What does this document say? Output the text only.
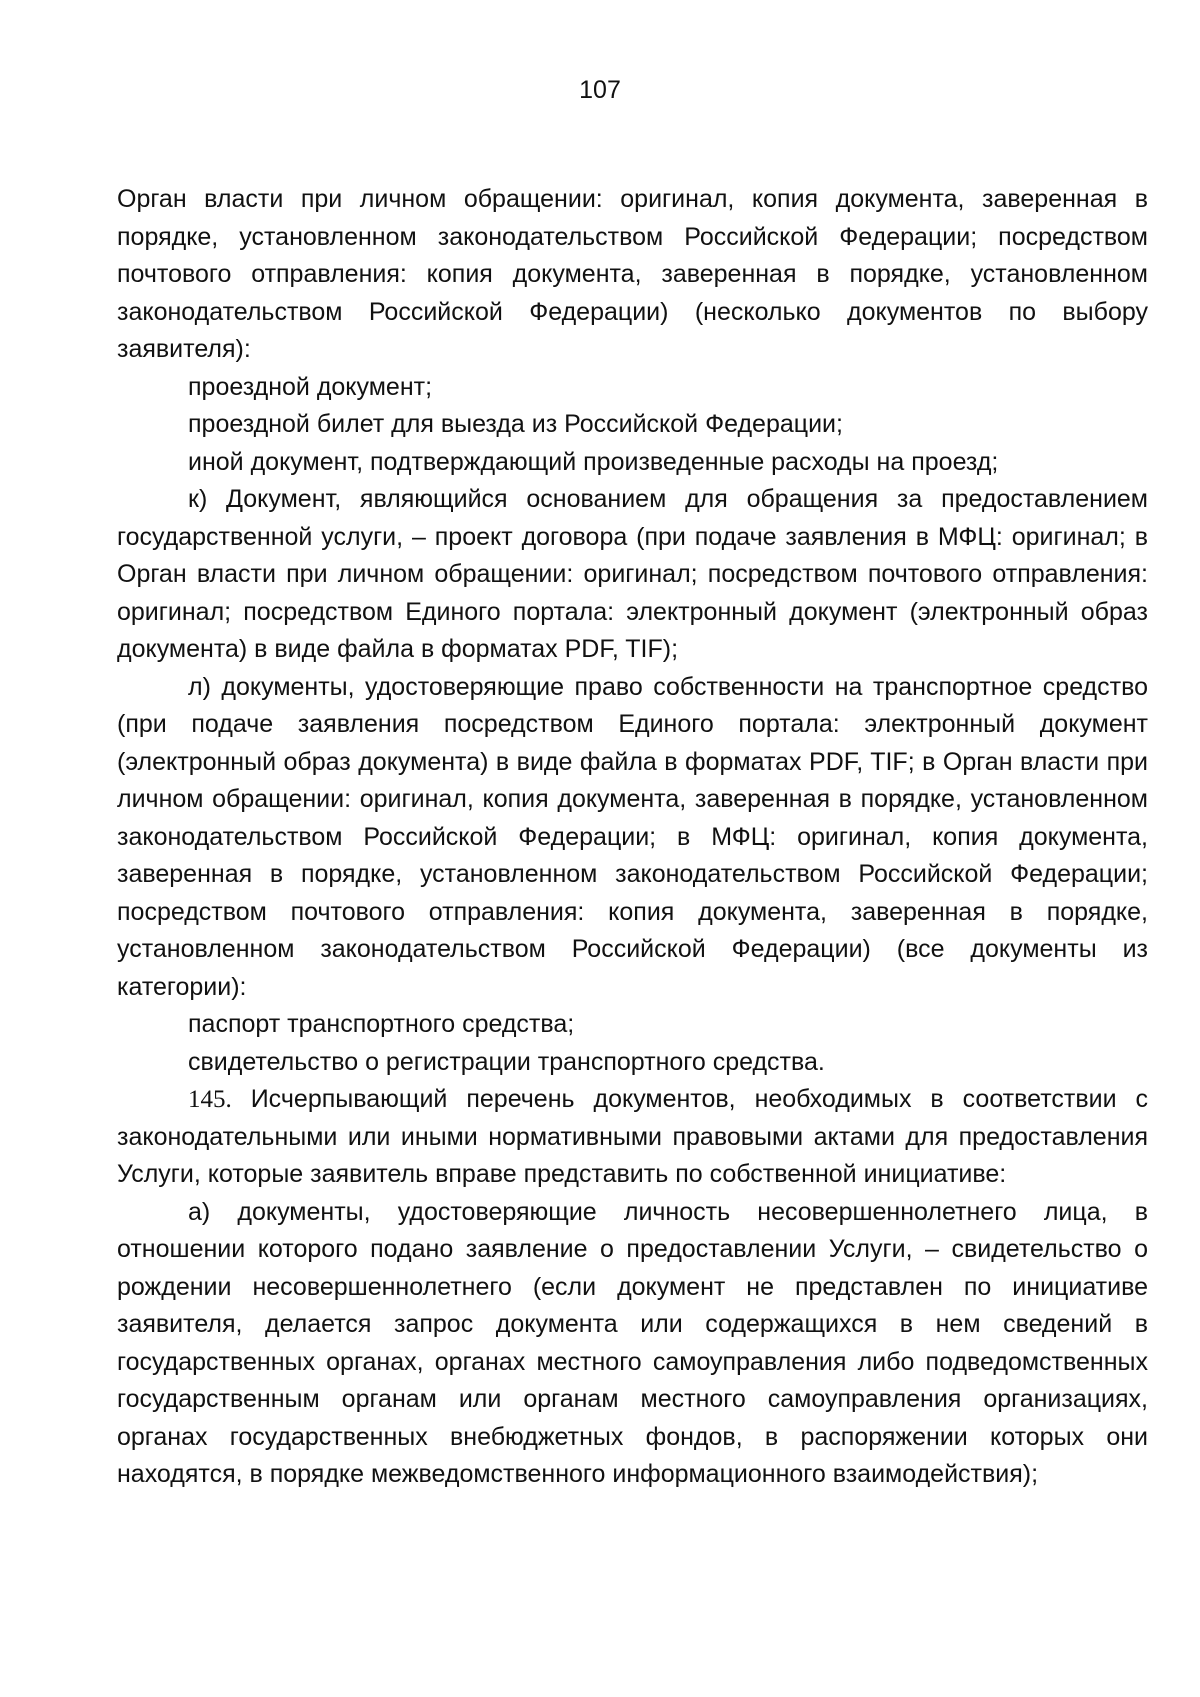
107

Орган власти при личном обращении: оригинал, копия документа, заверенная в порядке, установленном законодательством Российской Федерации; посредством почтового отправления: копия документа, заверенная в порядке, установленном законодательством Российской Федерации) (несколько документов по выбору заявителя):

проездной документ;

проездной билет для выезда из Российской Федерации;

иной документ, подтверждающий произведенные расходы на проезд;

к) Документ, являющийся основанием для обращения за предоставлением государственной услуги, – проект договора (при подаче заявления в МФЦ: оригинал; в Орган власти при личном обращении: оригинал; посредством почтового отправления: оригинал; посредством Единого портала: электронный документ (электронный образ документа) в виде файла в форматах PDF, TIF);

л) документы, удостоверяющие право собственности на транспортное средство (при подаче заявления посредством Единого портала: электронный документ (электронный образ документа) в виде файла в форматах PDF, TIF; в Орган власти при личном обращении: оригинал, копия документа, заверенная в порядке, установленном законодательством Российской Федерации; в МФЦ: оригинал, копия документа, заверенная в порядке, установленном законодательством Российской Федерации; посредством почтового отправления: копия документа, заверенная в порядке, установленном законодательством Российской Федерации) (все документы из категории):

паспорт транспортного средства;

свидетельство о регистрации транспортного средства.

145. Исчерпывающий перечень документов, необходимых в соответствии с законодательными или иными нормативными правовыми актами для предоставления Услуги, которые заявитель вправе представить по собственной инициативе:

а) документы, удостоверяющие личность несовершеннолетнего лица, в отношении которого подано заявление о предоставлении Услуги, – свидетельство о рождении несовершеннолетнего (если документ не представлен по инициативе заявителя, делается запрос документа или содержащихся в нем сведений в государственных органах, органах местного самоуправления либо подведомственных государственным органам или органам местного самоуправления организациях, органах государственных внебюджетных фондов, в распоряжении которых они находятся, в порядке межведомственного информационного взаимодействия);
